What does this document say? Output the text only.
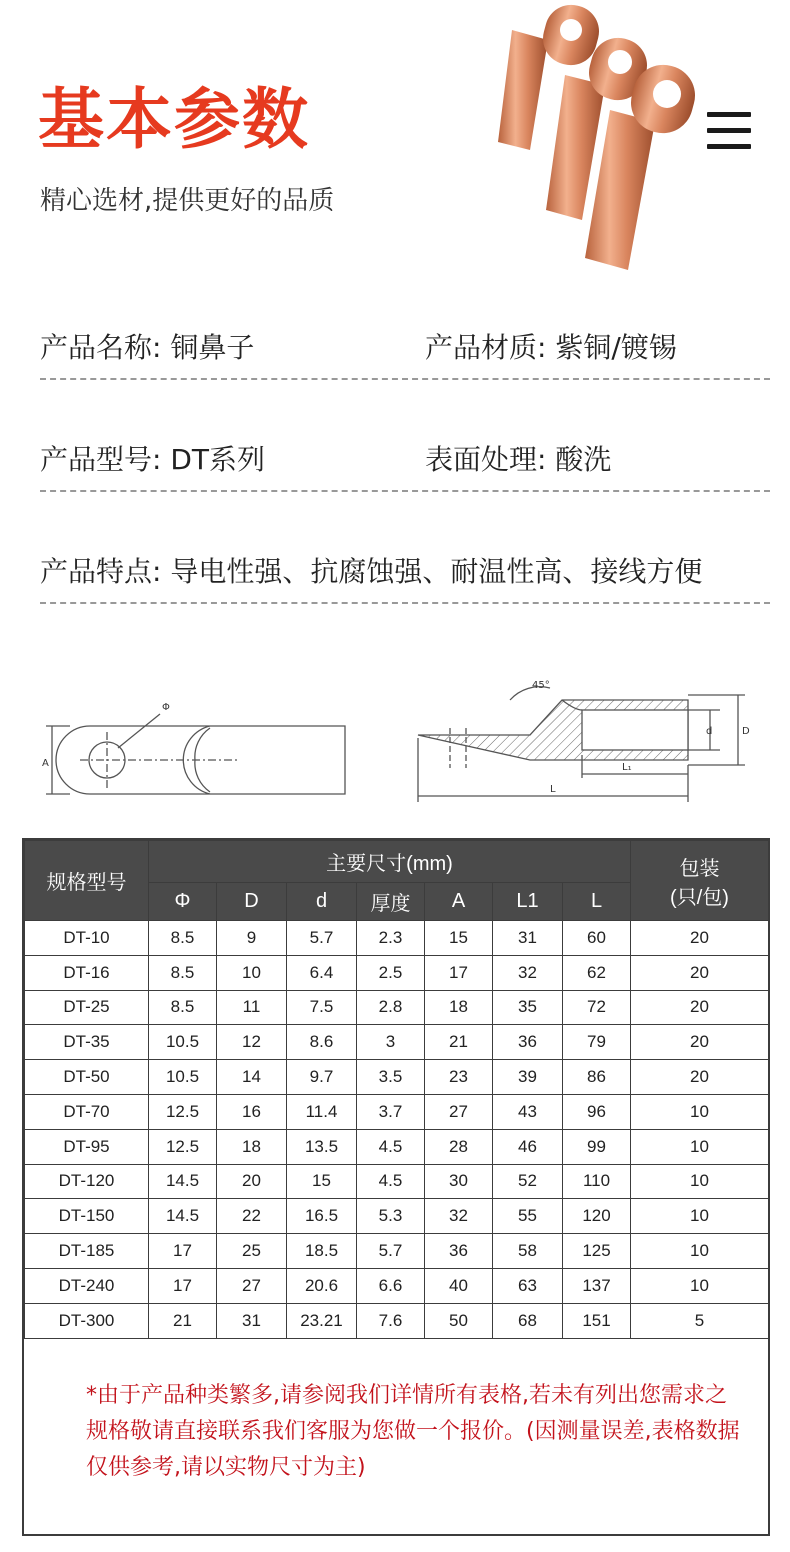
基本参数
精心选材,提供更好的品质
产品名称: 铜鼻子	产品材质: 紫铜/镀锡
产品型号: DT系列	表面处理: 酸洗
产品特点: 导电性强、抗腐蚀强、耐温性高、接线方便
Φ
A
45°
d	D
L₁
L
规格型号	主要尺寸(mm)							包装
(只/包)

	Φ	D	d	厚度	A	L1	L	
DT-10	8.5	9	5.7	2.3	15	31	60	20
DT-16	8.5	10	6.4	2.5	17	32	62	20
DT-25	8.5	11	7.5	2.8	18	35	72	20
DT-35	10.5	12	8.6	3	21	36	79	20
DT-50	10.5	14	9.7	3.5	23	39	86	20
DT-70	12.5	16	11.4	3.7	27	43	96	10
DT-95	12.5	18	13.5	4.5	28	46	99	10
DT-120	14.5	20	15	4.5	30	52	110	10
DT-150	14.5	22	16.5	5.3	32	55	120	10
DT-185	17	25	18.5	5.7	36	58	125	10
DT-240	17	27	20.6	6.6	40	63	137	10
DT-300	21	31	23.21	7.6	50	68	151	5
*由于产品种类繁多,请参阅我们详情所有表格,若未有列出您需求之规格敬请直接联系我们客服为您做一个报价。(因测量误差,表格数据仅供参考,请以实物尺寸为主)
